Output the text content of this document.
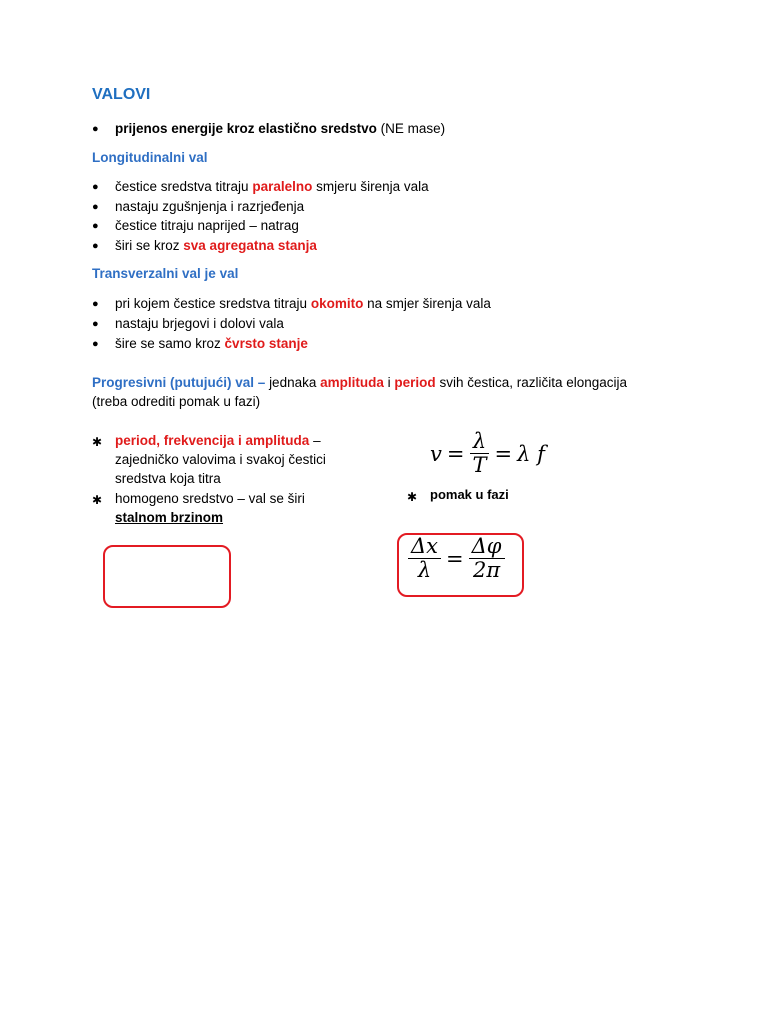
VALOVI
● prijenos energije kroz elastično sredstvo (NE mase)
Longitudinalni val
● čestice sredstva titraju paralelno smjeru širenja vala
● nastaju zgušnjenja i razrjeđenja
● čestice titraju naprijed – natrag
● širi se kroz sva agregatna stanja
Transverzalni val je val
● pri kojem čestice sredstva titraju okomito na smjer širenja vala
● nastaju brjegovi i dolovi vala
● šire se samo kroz čvrsto stanje
Progresivni (putujući) val – jednaka amplituda i period svih čestica, različita elongacija
(treba odrediti pomak u fazi)
✱ period, frekvencija i amplituda –
zajedničko valovima i svakoj čestici
sredstva koja titra
✱ homogeno sredstvo – val se širi
stalnom brzinom
$v = \frac{\lambda}{T} = \lambda$ f
✱ pomak u fazi
$\frac{\Delta x}{\lambda} = \frac{\Delta\varphi}{2\pi}$
